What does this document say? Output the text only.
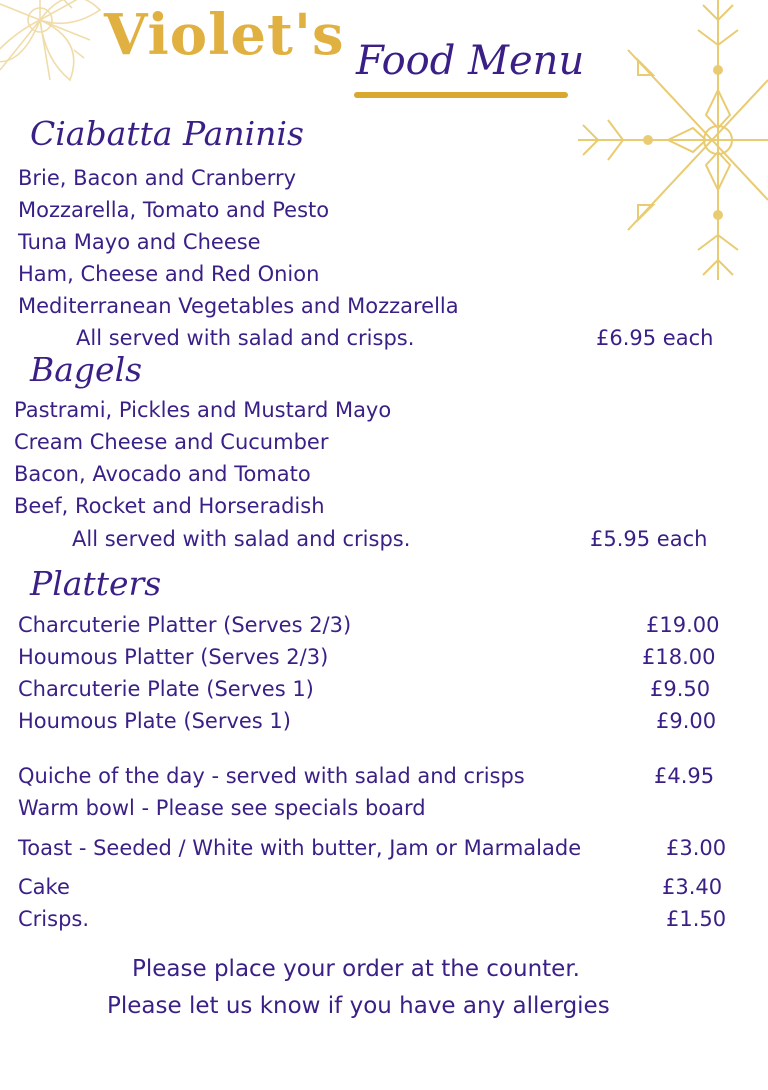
Violet's Food Menu
Ciabatta Paninis
Brie, Bacon and Cranberry
Mozzarella, Tomato and Pesto
Tuna Mayo and Cheese
Ham, Cheese and Red Onion
Mediterranean Vegetables and Mozzarella
All served with salad and crisps.	£6.95 each
Bagels
Pastrami, Pickles and Mustard Mayo
Cream Cheese and Cucumber
Bacon, Avocado and Tomato
Beef, Rocket and Horseradish
All served with salad and crisps.	£5.95 each
Platters
Charcuterie Platter (Serves 2/3)	£19.00
Houmous Platter (Serves 2/3)	£18.00
Charcuterie Plate (Serves 1)	£9.50
Houmous Plate (Serves 1)	£9.00
Quiche of the day - served with salad and crisps	£4.95
Warm bowl - Please see specials board
Toast - Seeded / White with butter, Jam or Marmalade	£3.00
Cake	£3.40
Crisps.	£1.50
Please place your order at the counter.
Please let us know if you have any allergies
